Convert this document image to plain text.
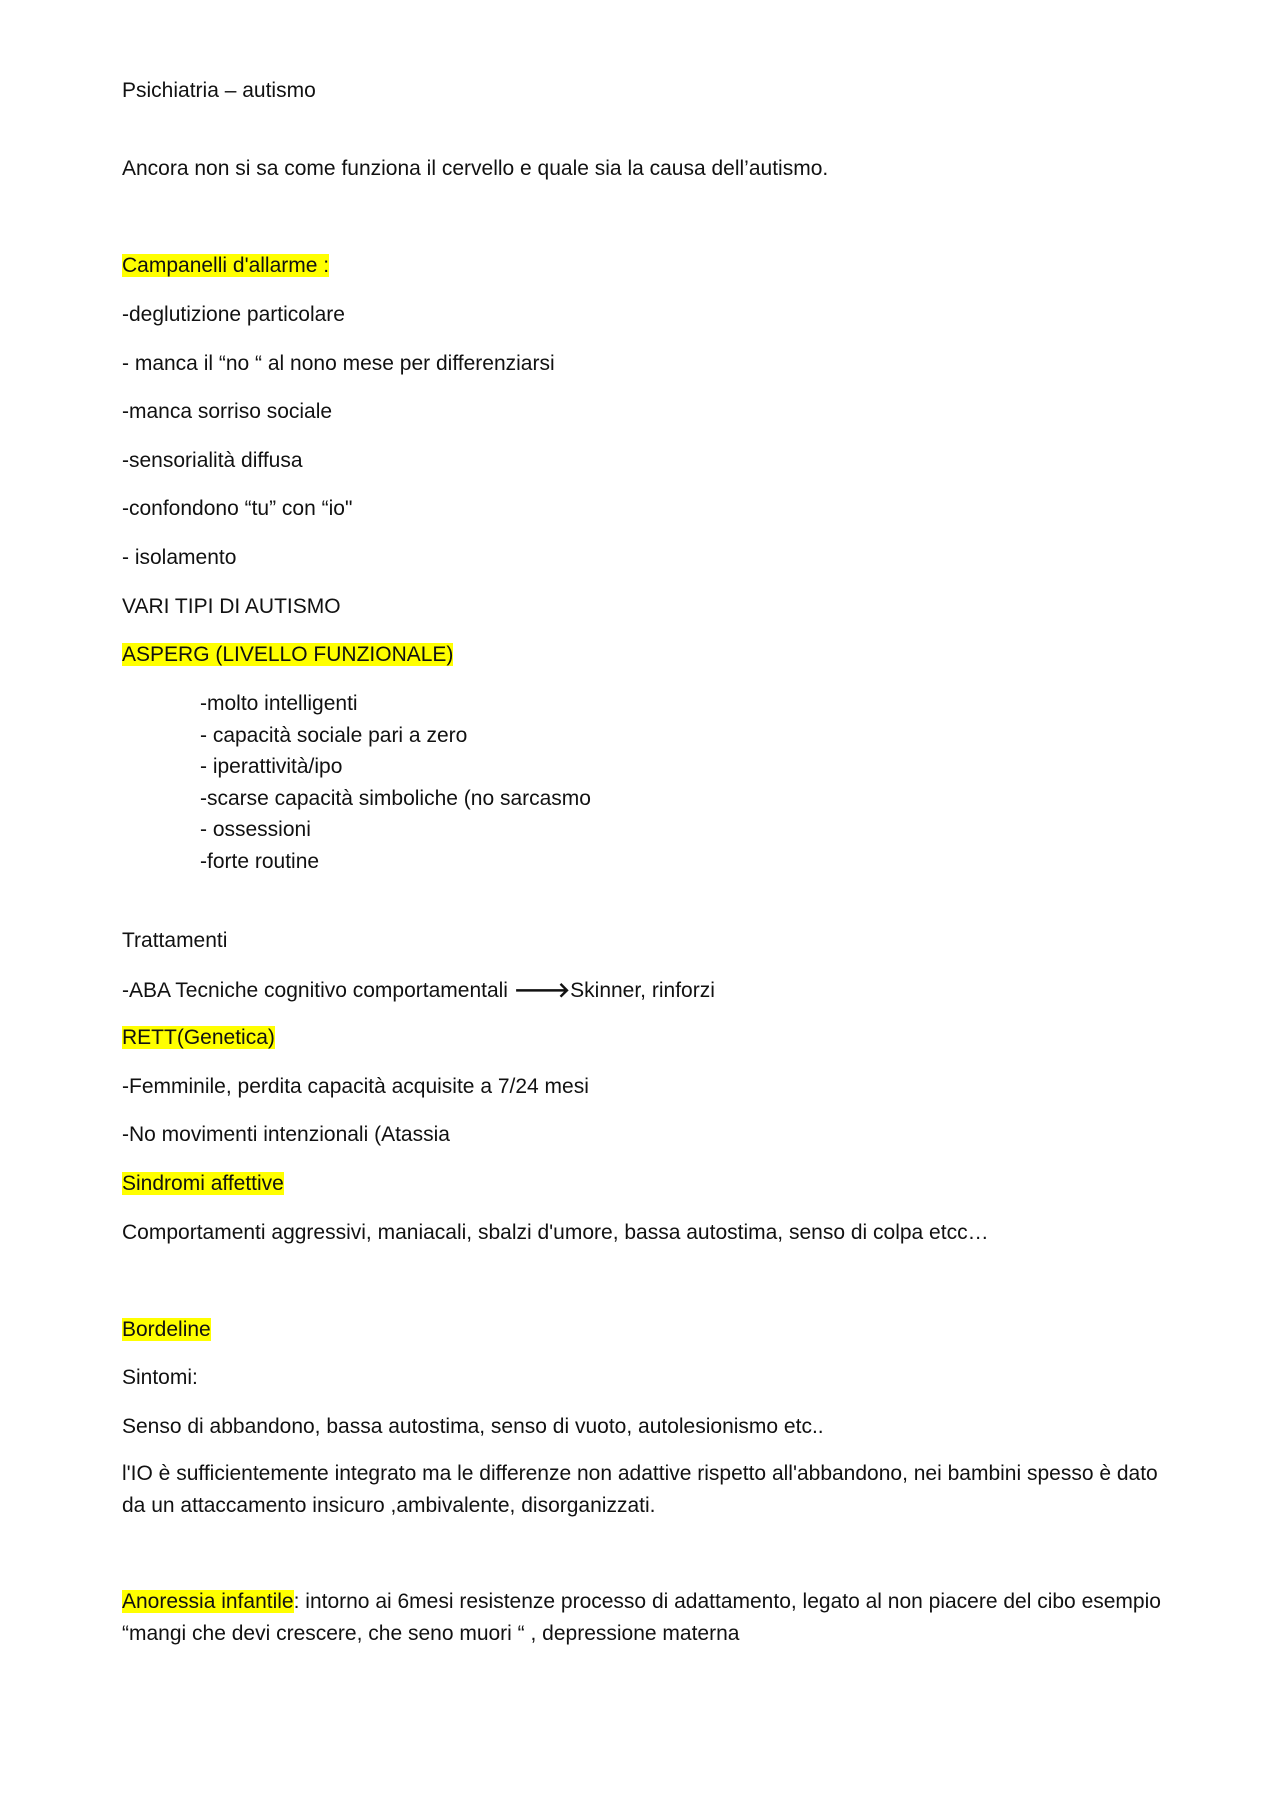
Psichiatria – autismo
Ancora non si sa come funziona il cervello e quale sia la causa dell’autismo.
Campanelli d'allarme :
-deglutizione particolare
- manca il “no “ al nono mese per differenziarsi
-manca sorriso sociale
-sensorialità diffusa
-confondono “tu” con “io"
- isolamento
VARI TIPI DI AUTISMO
ASPERG (LIVELLO FUNZIONALE)
-molto intelligenti
- capacità sociale pari a zero
- iperattività/ipo
-scarse capacità simboliche (no sarcasmo
- ossessioni
-forte routine
Trattamenti
-ABA Tecniche cognitivo comportamentali 🡒Skinner, rinforzi
RETT(Genetica)
-Femminile, perdita capacità acquisite a 7/24 mesi
-No movimenti intenzionali (Atassia
Sindromi affettive
Comportamenti aggressivi, maniacali, sbalzi d'umore, bassa autostima, senso di colpa etcc…
Bordeline
Sintomi:
Senso di abbandono, bassa autostima, senso di vuoto, autolesionismo etc..
l'IO è sufficientemente integrato ma le differenze non adattive rispetto all'abbandono, nei bambini spesso è dato da un attaccamento insicuro ,ambivalente, disorganizzati.
Anoressia infantile: intorno ai 6mesi resistenze processo di adattamento, legato al non piacere del cibo esempio “mangi che devi crescere, che seno muori “ , depressione materna
